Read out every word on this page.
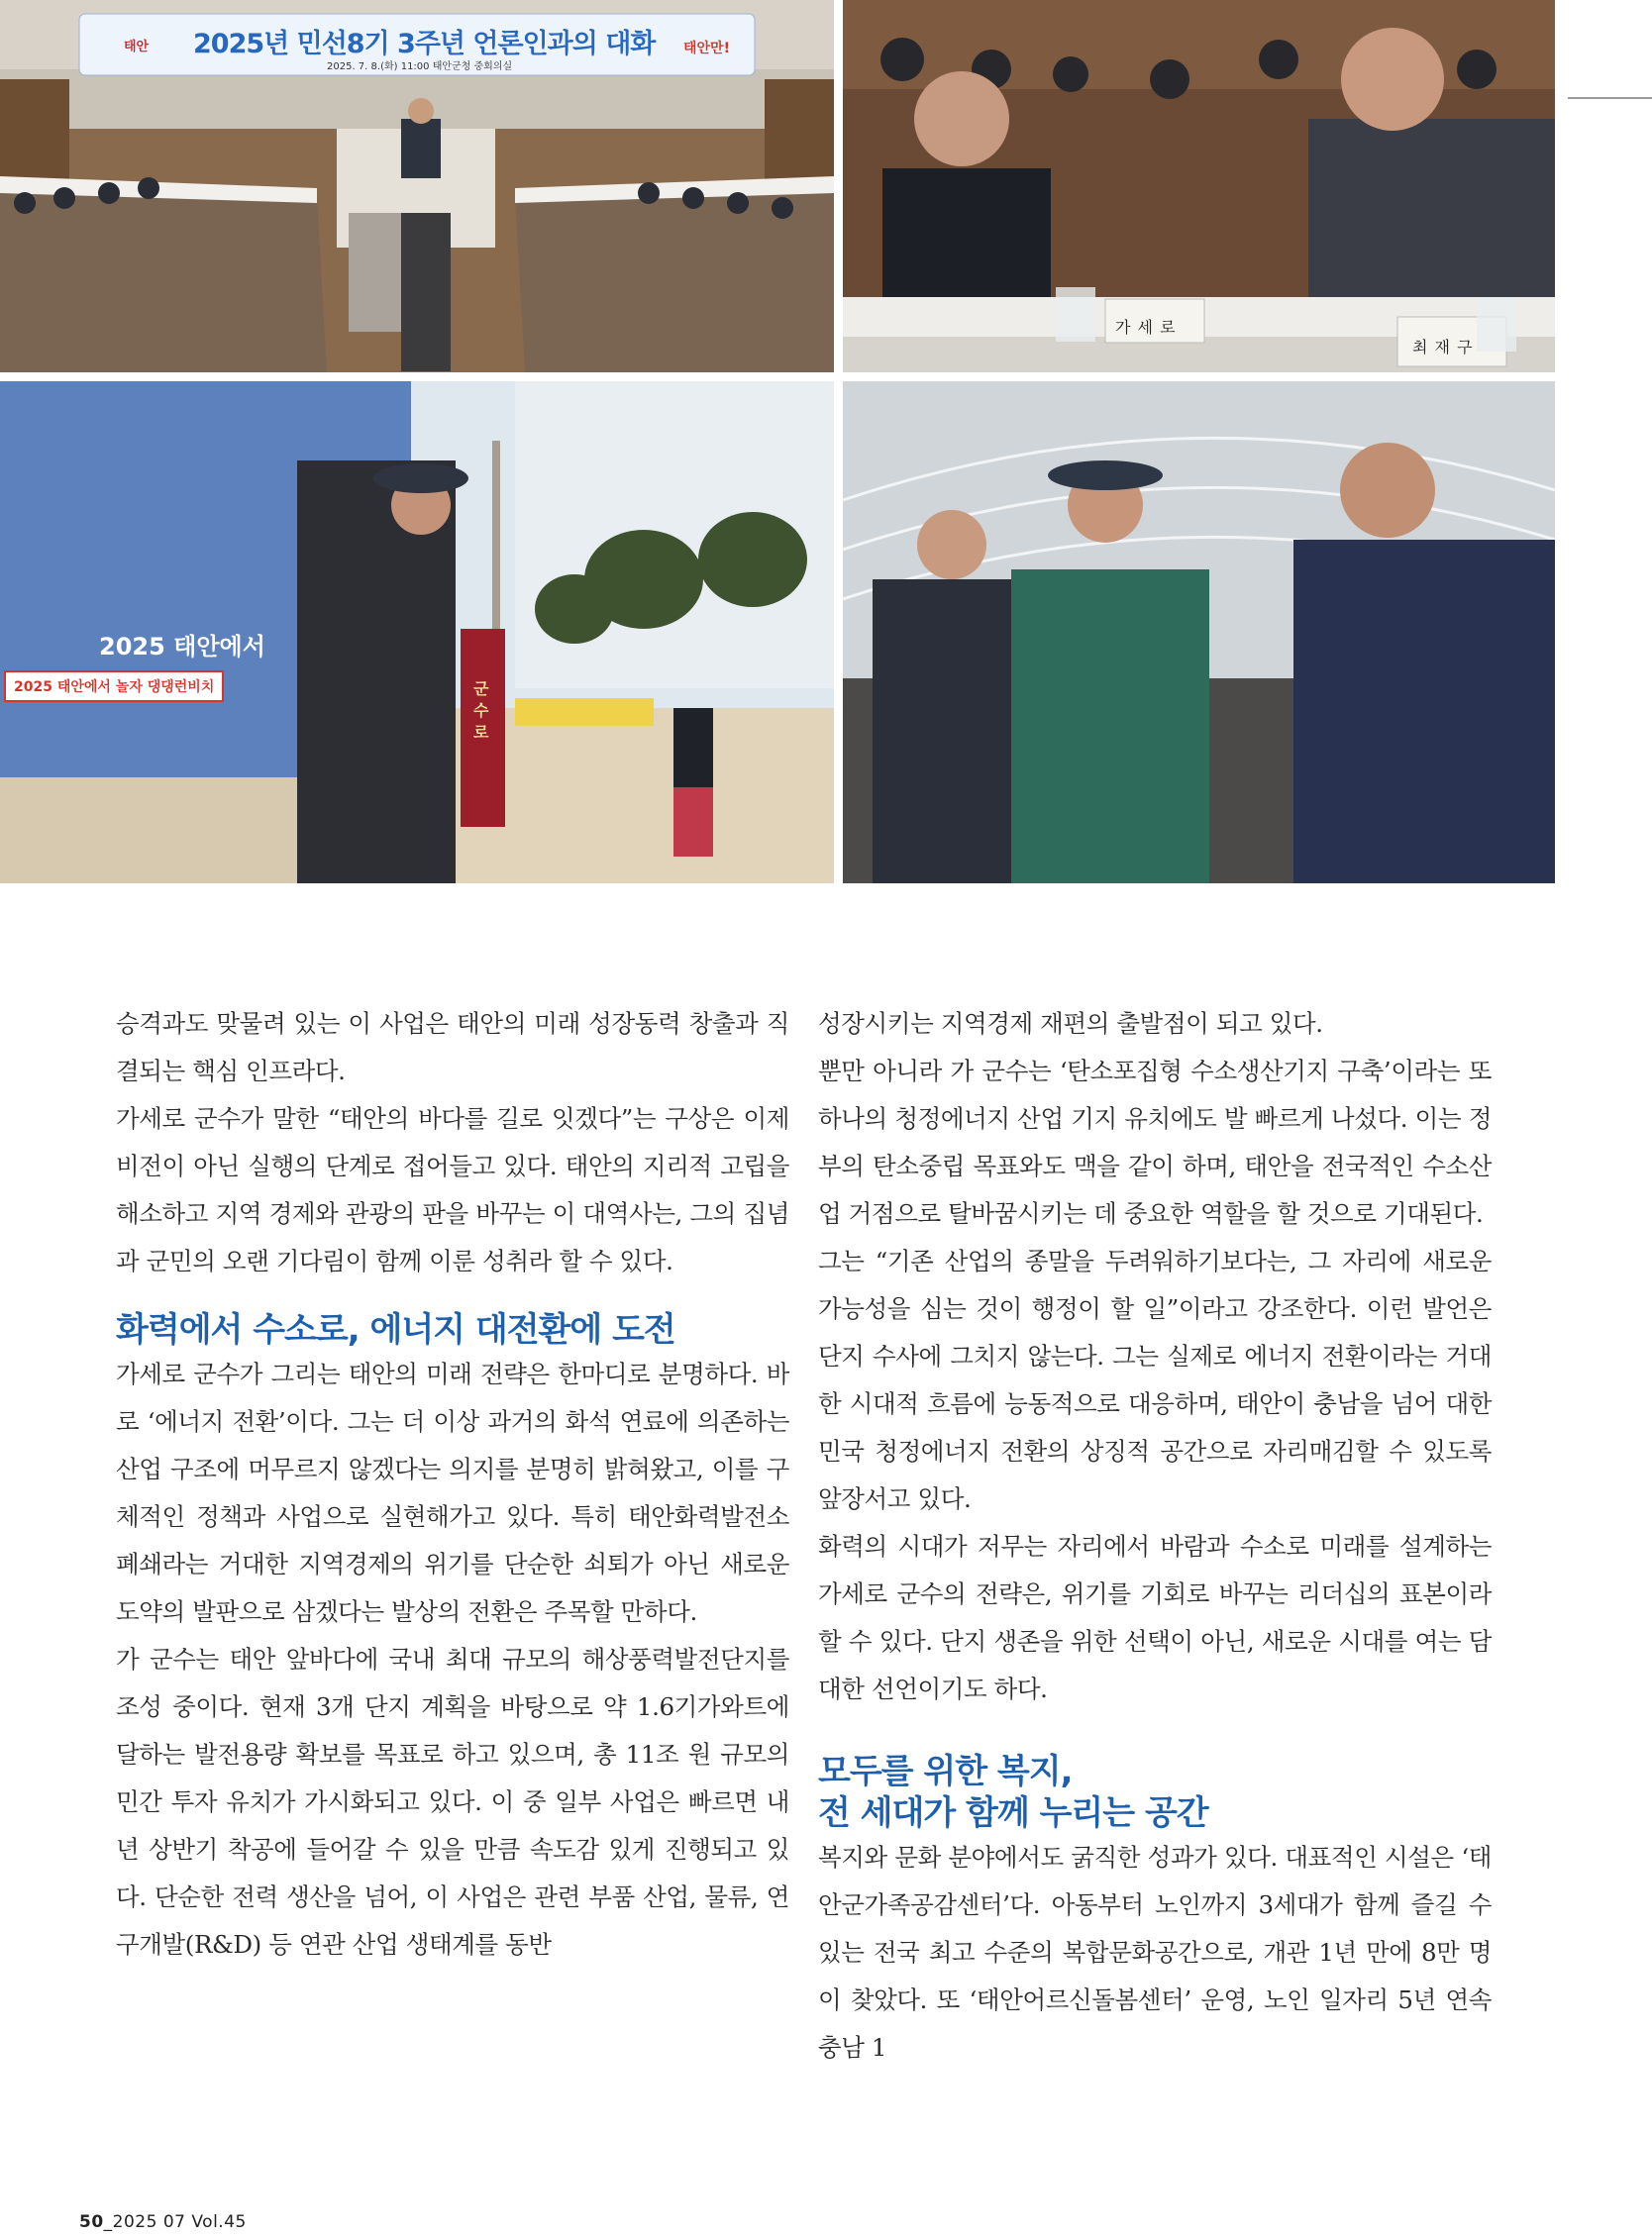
2025년 민선8기 3주년 언론인과의 대화
2025. 7. 8.(화) 11:00 태안군청 중회의실
태안	태안만!
가 세 로
최 재 구
2025 태안에서
2025 태안에서 놀자 댕댕런비치	군수로

승격과도 맞물려 있는 이 사업은 태안의 미래 성장동력 창출과 직결되는 핵심 인프라다.

가세로 군수가 말한 “태안의 바다를 길로 잇겠다”는 구상은 이제 비전이 아닌 실행의 단계로 접어들고 있다. 태안의 지리적 고립을 해소하고 지역 경제와 관광의 판을 바꾸는 이 대역사는, 그의 집념과 군민의 오랜 기다림이 함께 이룬 성취라 할 수 있다.

화력에서 수소로, 에너지 대전환에 도전

가세로 군수가 그리는 태안의 미래 전략은 한마디로 분명하다. 바로 ‘에너지 전환’이다. 그는 더 이상 과거의 화석 연료에 의존하는 산업 구조에 머무르지 않겠다는 의지를 분명히 밝혀왔고, 이를 구체적인 정책과 사업으로 실현해가고 있다. 특히 태안화력발전소 폐쇄라는 거대한 지역경제의 위기를 단순한 쇠퇴가 아닌 새로운 도약의 발판으로 삼겠다는 발상의 전환은 주목할 만하다.

가 군수는 태안 앞바다에 국내 최대 규모의 해상풍력발전단지를 조성 중이다. 현재 3개 단지 계획을 바탕으로 약 1.6기가와트에 달하는 발전용량 확보를 목표로 하고 있으며, 총 11조 원 규모의 민간 투자 유치가 가시화되고 있다. 이 중 일부 사업은 빠르면 내년 상반기 착공에 들어갈 수 있을 만큼 속도감 있게 진행되고 있다. 단순한 전력 생산을 넘어, 이 사업은 관련 부품 산업, 물류, 연구개발(R&D) 등 연관 산업 생태계를 동반

성장시키는 지역경제 재편의 출발점이 되고 있다.

뿐만 아니라 가 군수는 ‘탄소포집형 수소생산기지 구축’이라는 또 하나의 청정에너지 산업 기지 유치에도 발 빠르게 나섰다. 이는 정부의 탄소중립 목표와도 맥을 같이 하며, 태안을 전국적인 수소산업 거점으로 탈바꿈시키는 데 중요한 역할을 할 것으로 기대된다.

그는 “기존 산업의 종말을 두려워하기보다는, 그 자리에 새로운 가능성을 심는 것이 행정이 할 일”이라고 강조한다. 이런 발언은 단지 수사에 그치지 않는다. 그는 실제로 에너지 전환이라는 거대한 시대적 흐름에 능동적으로 대응하며, 태안이 충남을 넘어 대한민국 청정에너지 전환의 상징적 공간으로 자리매김할 수 있도록 앞장서고 있다.

화력의 시대가 저무는 자리에서 바람과 수소로 미래를 설계하는 가세로 군수의 전략은, 위기를 기회로 바꾸는 리더십의 표본이라 할 수 있다. 단지 생존을 위한 선택이 아닌, 새로운 시대를 여는 담대한 선언이기도 하다.

모두를 위한 복지,
전 세대가 함께 누리는 공간

복지와 문화 분야에서도 굵직한 성과가 있다. 대표적인 시설은 ‘태안군가족공감센터’다. 아동부터 노인까지 3세대가 함께 즐길 수 있는 전국 최고 수준의 복합문화공간으로, 개관 1년 만에 8만 명이 찾았다. 또 ‘태안어르신돌봄센터’ 운영, 노인 일자리 5년 연속 충남 1

50_2025 07 Vol.45
